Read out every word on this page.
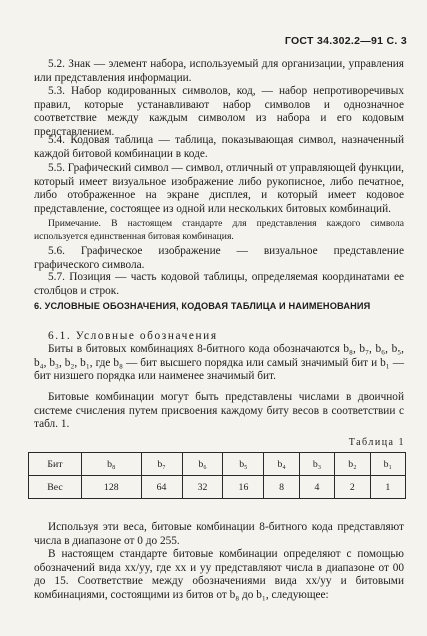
ГОСТ 34.302.2—91 С. 3

5.2. Знак — элемент набора, используемый для организации, управления или представления информации.

5.3. Набор кодированных символов, код, — набор непротиворечивых правил, которые устанавливают набор символов и однозначное соответствие между каждым символом из набора и его кодовым представлением.

5.4. Кодовая таблица — таблица, показывающая символ, назначенный каждой битовой комбинации в коде.

5.5. Графический символ — символ, отличный от управляющей функции, который имеет визуальное изображение либо рукописное, либо печатное, либо отображенное на экране дисплея, и который имеет кодовое представление, состоящее из одной или нескольких битовых комбинаций.

Примечание. В настоящем стандарте для представления каждого символа используется единственная битовая комбинация.

5.6. Графическое изображение — визуальное представление графического символа.

5.7. Позиция — часть кодовой таблицы, определяемая координатами ее столбцов и строк.

6. УСЛОВНЫЕ ОБОЗНАЧЕНИЯ, КОДОВАЯ ТАБЛИЦА И НАИМЕНОВАНИЯ

6.1. Условные обозначения

Биты в битовых комбинациях 8-битного кода обозначаются b₈, b₇, b₆, b₅, b₄, b₃, b₂, b₁, где b₈ — бит высшего порядка или самый значимый бит и b₁ — бит низшего порядка или наименее значимый бит.

Битовые комбинации могут быть представлены числами в двоичной системе счисления путем присвоения каждому биту весов в соответствии с табл. 1.

Таблица 1
Бит	b₈	b₇	b₆	b₅	b₄	b₃	b₂	b₁
Вес	128	64	32	16	8	4	2	1

Используя эти веса, битовые комбинации 8-битного кода представляют числа в диапазоне от 0 до 255.

В настоящем стандарте битовые комбинации определяют с помощью обозначений вида xx/yy, где xx и yy представляют числа в диапазоне от 00 до 15. Соответствие между обозначениями вида xx/yy и битовыми комбинациями, состоящими из битов от b₈ до b₁, следующее:
